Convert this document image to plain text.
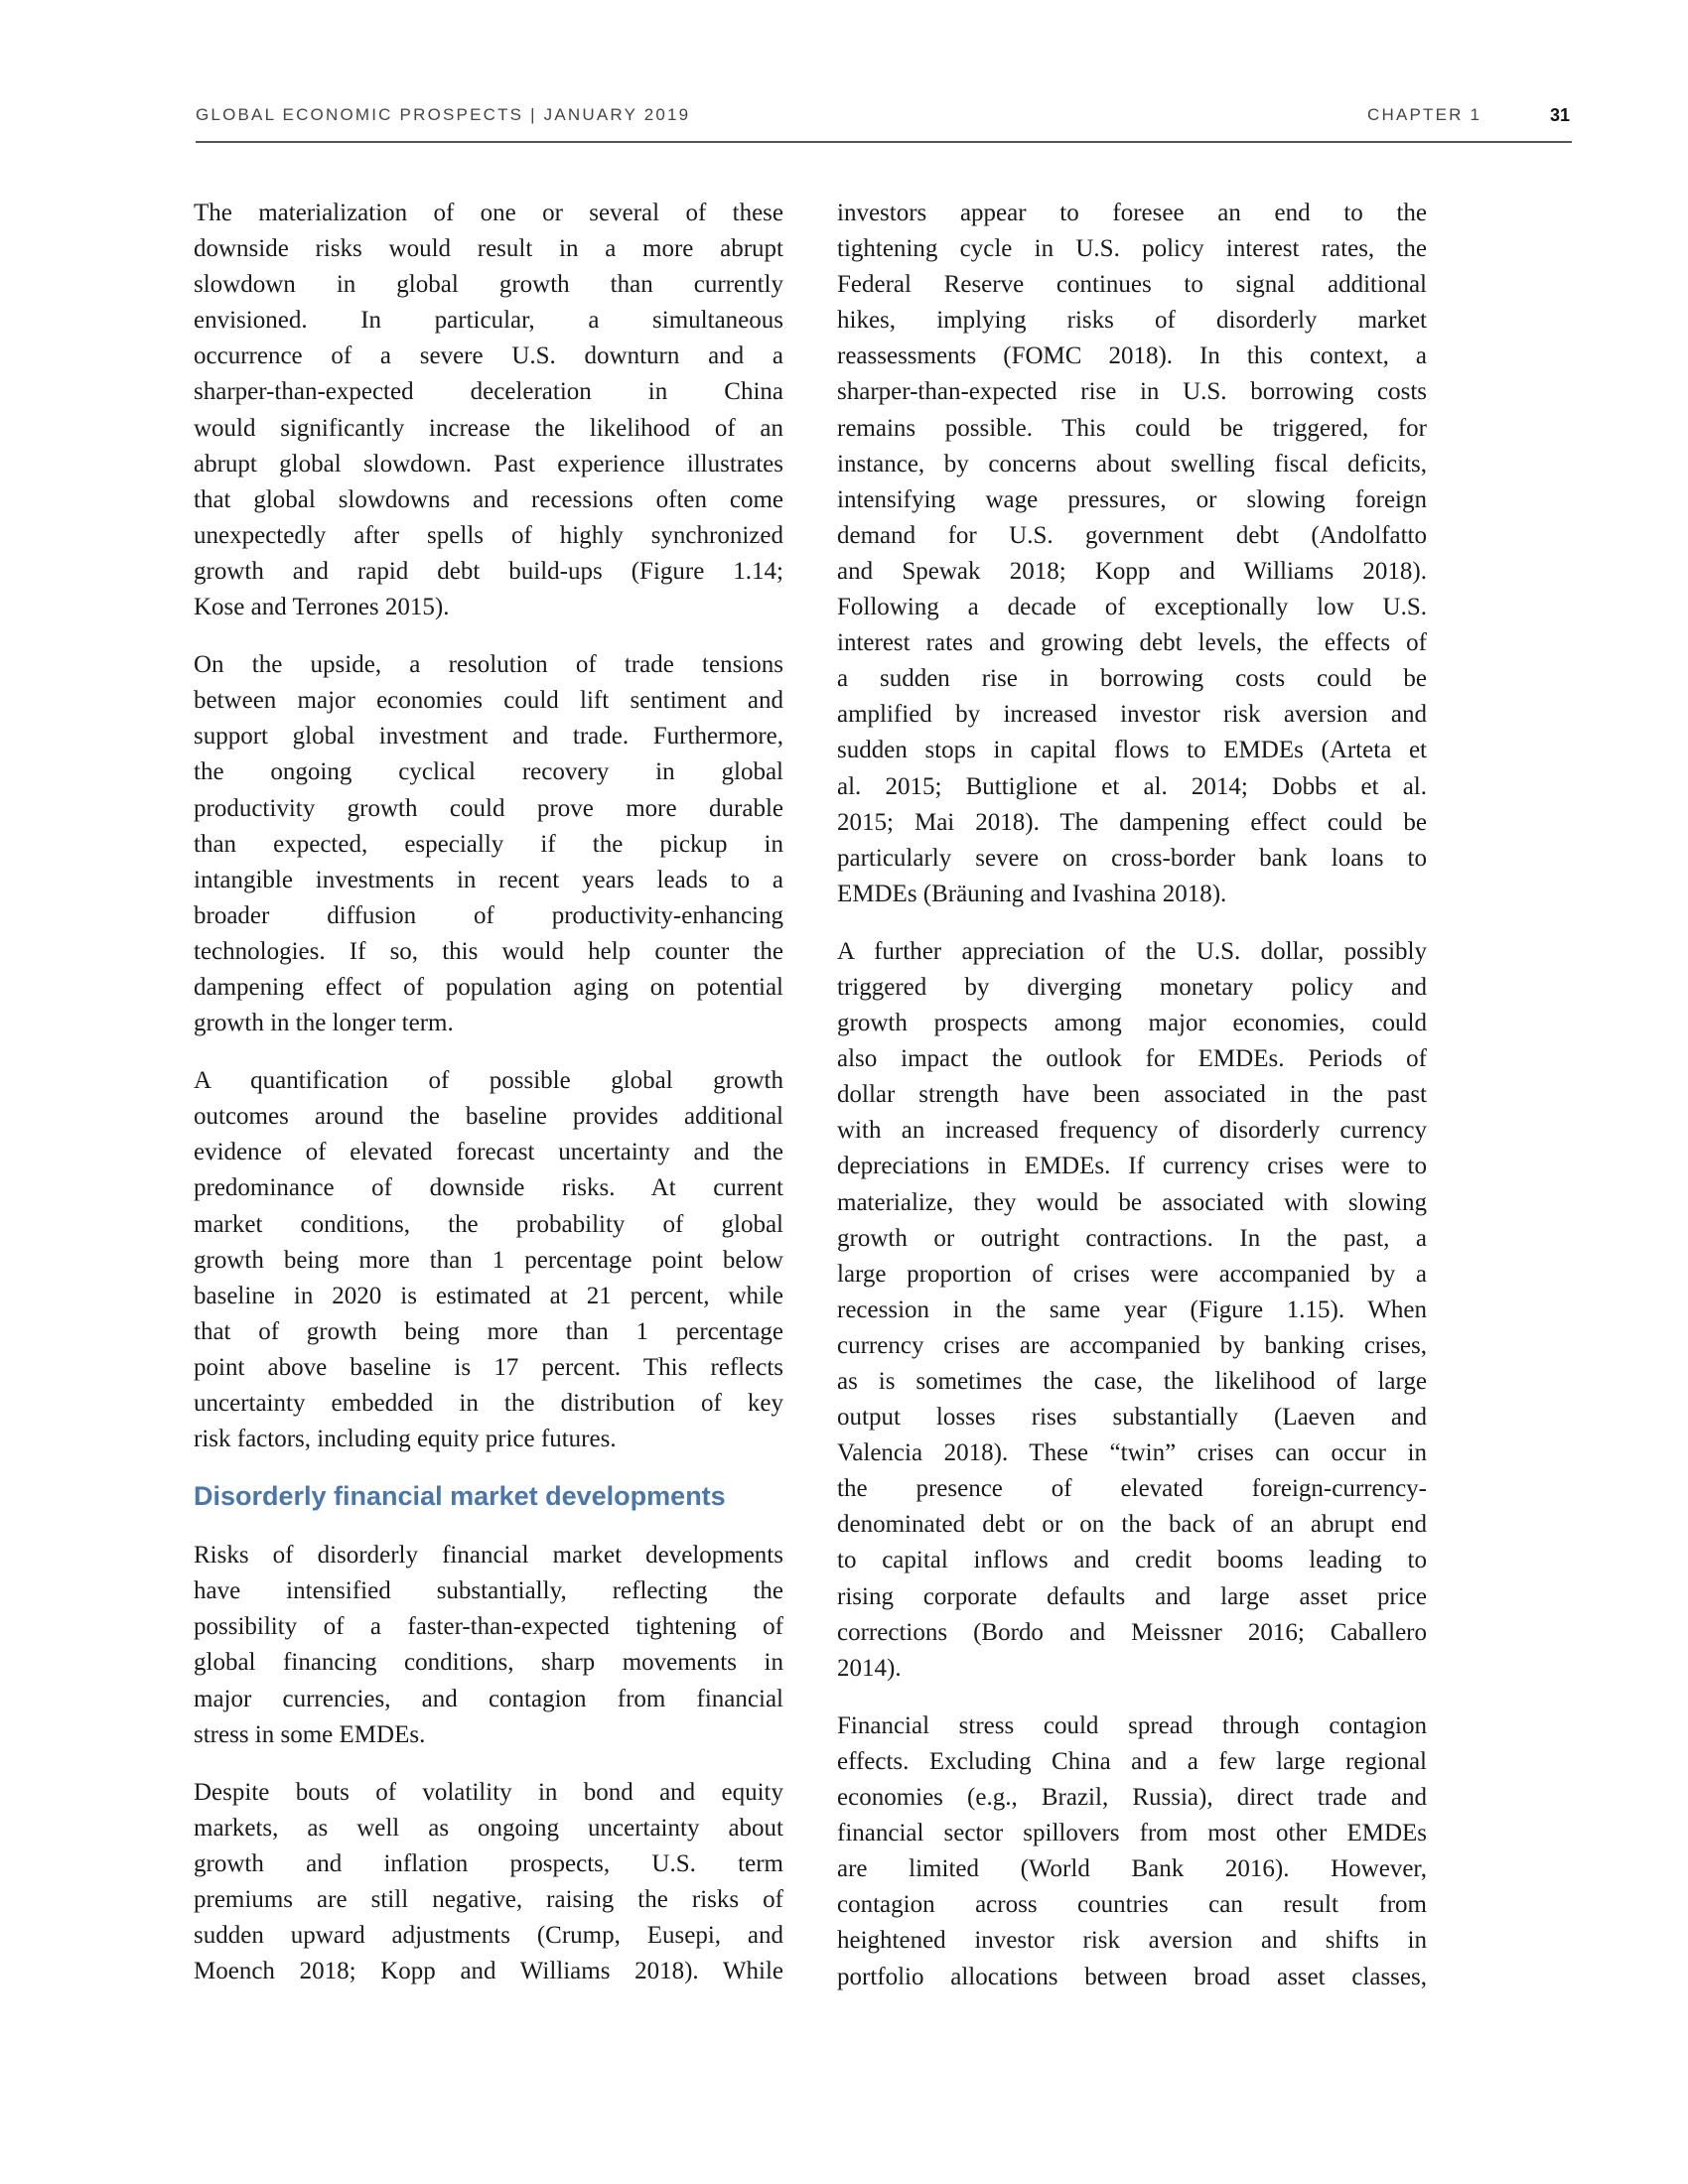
GLOBAL ECONOMIC PROSPECTS | JANUARY 2019	CHAPTER 1	31
The materialization of one or several of these
downside risks would result in a more abrupt
slowdown in global growth than currently
envisioned. In particular, a simultaneous
occurrence of a severe U.S. downturn and a
sharper-than-expected deceleration in China
would significantly increase the likelihood of an
abrupt global slowdown. Past experience illustrates
that global slowdowns and recessions often come
unexpectedly after spells of highly synchronized
growth and rapid debt build-ups (Figure 1.14;
Kose and Terrones 2015).
On the upside, a resolution of trade tensions
between major economies could lift sentiment and
support global investment and trade. Furthermore,
the ongoing cyclical recovery in global
productivity growth could prove more durable
than expected, especially if the pickup in
intangible investments in recent years leads to a
broader diffusion of productivity-enhancing
technologies. If so, this would help counter the
dampening effect of population aging on potential
growth in the longer term.
A quantification of possible global growth
outcomes around the baseline provides additional
evidence of elevated forecast uncertainty and the
predominance of downside risks. At current
market conditions, the probability of global
growth being more than 1 percentage point below
baseline in 2020 is estimated at 21 percent, while
that of growth being more than 1 percentage
point above baseline is 17 percent. This reflects
uncertainty embedded in the distribution of key
risk factors, including equity price futures.
Disorderly financial market developments
Risks of disorderly financial market developments
have intensified substantially, reflecting the
possibility of a faster-than-expected tightening of
global financing conditions, sharp movements in
major currencies, and contagion from financial
stress in some EMDEs.
Despite bouts of volatility in bond and equity
markets, as well as ongoing uncertainty about
growth and inflation prospects, U.S. term
premiums are still negative, raising the risks of
sudden upward adjustments (Crump, Eusepi, and
Moench 2018; Kopp and Williams 2018). While
investors appear to foresee an end to the
tightening cycle in U.S. policy interest rates, the
Federal Reserve continues to signal additional
hikes, implying risks of disorderly market
reassessments (FOMC 2018). In this context, a
sharper-than-expected rise in U.S. borrowing costs
remains possible. This could be triggered, for
instance, by concerns about swelling fiscal deficits,
intensifying wage pressures, or slowing foreign
demand for U.S. government debt (Andolfatto
and Spewak 2018; Kopp and Williams 2018).
Following a decade of exceptionally low U.S.
interest rates and growing debt levels, the effects of
a sudden rise in borrowing costs could be
amplified by increased investor risk aversion and
sudden stops in capital flows to EMDEs (Arteta et
al. 2015; Buttiglione et al. 2014; Dobbs et al.
2015; Mai 2018). The dampening effect could be
particularly severe on cross-border bank loans to
EMDEs (Bräuning and Ivashina 2018).
A further appreciation of the U.S. dollar, possibly
triggered by diverging monetary policy and
growth prospects among major economies, could
also impact the outlook for EMDEs. Periods of
dollar strength have been associated in the past
with an increased frequency of disorderly currency
depreciations in EMDEs. If currency crises were to
materialize, they would be associated with slowing
growth or outright contractions. In the past, a
large proportion of crises were accompanied by a
recession in the same year (Figure 1.15). When
currency crises are accompanied by banking crises,
as is sometimes the case, the likelihood of large
output losses rises substantially (Laeven and
Valencia 2018). These “twin” crises can occur in
the presence of elevated foreign-currency-
denominated debt or on the back of an abrupt end
to capital inflows and credit booms leading to
rising corporate defaults and large asset price
corrections (Bordo and Meissner 2016; Caballero
2014).
Financial stress could spread through contagion
effects. Excluding China and a few large regional
economies (e.g., Brazil, Russia), direct trade and
financial sector spillovers from most other EMDEs
are limited (World Bank 2016). However,
contagion across countries can result from
heightened investor risk aversion and shifts in
portfolio allocations between broad asset classes,
